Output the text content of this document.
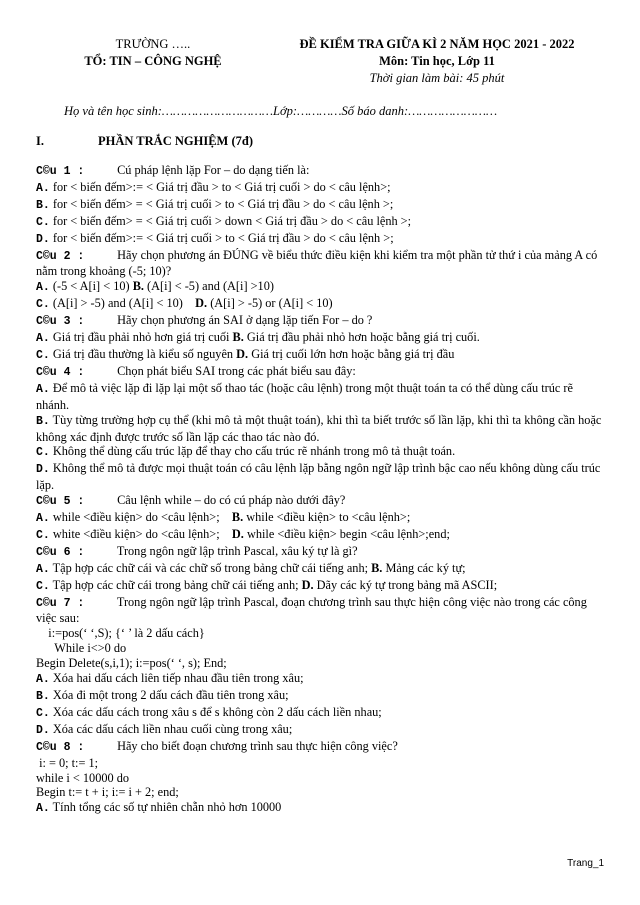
TRƯỜNG …..
TỔ: TIN – CÔNG NGHỆ
ĐỀ KIỂM TRA GIỮA KÌ 2 NĂM HỌC 2021 - 2022
Môn: Tin học, Lớp 11
Thời gian làm bài: 45 phút
Họ và tên học sinh:…………………………Lớp:…………Số báo danh:……………………
I.	PHẦN TRẮC NGHIỆM (7đ)
C©u 1 :	Cú pháp lệnh lặp For – do dạng tiến là:
A. for < biến đếm>:= < Giá trị đầu > to < Giá trị cuối > do < câu lệnh>;
B. for < biến đếm> = < Giá trị cuối > to < Giá trị đầu > do < câu lệnh >;
C. for < biến đếm> = < Giá trị cuối > down < Giá trị đầu > do < câu lệnh >;
D. for < biến đếm>:= < Giá trị cuối > to < Giá trị đầu > do < câu lệnh >;
C©u 2 :	Hãy chọn phương án ĐÚNG về biểu thức điều kiện khi kiểm tra một phần tử thứ i của mảng A có nằm trong khoảng (-5; 10)?
A. (-5 < A[i] < 10) B. (A[i] < -5) and (A[i] >10)
C. (A[i] > -5) and (A[i] < 10) D. (A[i] > -5) or (A[i] < 10)
C©u 3 :	Hãy chọn phương án SAI ở dạng lặp tiến For – do ?
A. Giá trị đầu phải nhỏ hơn giá trị cuối B. Giá trị đầu phải nhỏ hơn hoặc bằng giá trị cuối.
C. Giá trị đầu thường là kiểu số nguyên D. Giá trị cuối lớn hơn hoặc bằng giá trị đầu
C©u 4 :	Chọn phát biểu SAI trong các phát biểu sau đây:
A. Để mô tả việc lặp đi lặp lại một số thao tác (hoặc câu lệnh) trong một thuật toán ta có thể dùng cấu trúc rẽ nhánh.
B. Tùy từng trường hợp cụ thể (khi mô tả một thuật toán), khi thì ta biết trước số lần lặp, khi thì ta không cần hoặc không xác định được trước số lần lặp các thao tác nào đó.
C. Không thể dùng cấu trúc lặp để thay cho cấu trúc rẽ nhánh trong mô tả thuật toán.
D. Không thể mô tả được mọi thuật toán có câu lệnh lặp bằng ngôn ngữ lập trình bậc cao nếu không dùng cấu trúc lặp.
C©u 5 :	Câu lệnh while – do có cú pháp nào dưới đây?
A. while <điều kiện> do <câu lệnh>; B. while <điều kiện> to <câu lệnh>;
C. white <điều kiện> do <câu lệnh>; D. while <điều kiện> begin <câu lệnh>;end;
C©u 6 :	Trong ngôn ngữ lập trình Pascal, xâu ký tự là gì?
A. Tập hợp các chữ cái và các chữ số trong bảng chữ cái tiếng anh; B. Mảng các ký tự;
C. Tập hợp các chữ cái trong bảng chữ cái tiếng anh; D. Dãy các ký tự trong bảng mã ASCII;
C©u 7 :	Trong ngôn ngữ lập trình Pascal, đoạn chương trình sau thực hiện công việc nào trong các công việc sau:
i:=pos(‘ ‘,S); {‘ ’ là 2 dấu cách}
While i<>0 do
Begin Delete(s,i,1); i:=pos(‘ ‘, s); End;
A. Xóa hai dấu cách liên tiếp nhau đầu tiên trong xâu;
B. Xóa đi một trong 2 dấu cách đầu tiên trong xâu;
C. Xóa các dấu cách trong xâu s để s không còn 2 dấu cách liền nhau;
D. Xóa các dấu cách liền nhau cuối cùng trong xâu;
C©u 8 :	Hãy cho biết đoạn chương trình sau thực hiện công việc?
i: = 0; t:= 1;
while i < 10000 do
Begin t:= t + i; i:= i + 2; end;
A. Tính tổng các số tự nhiên chẵn nhỏ hơn 10000
Trang_1
